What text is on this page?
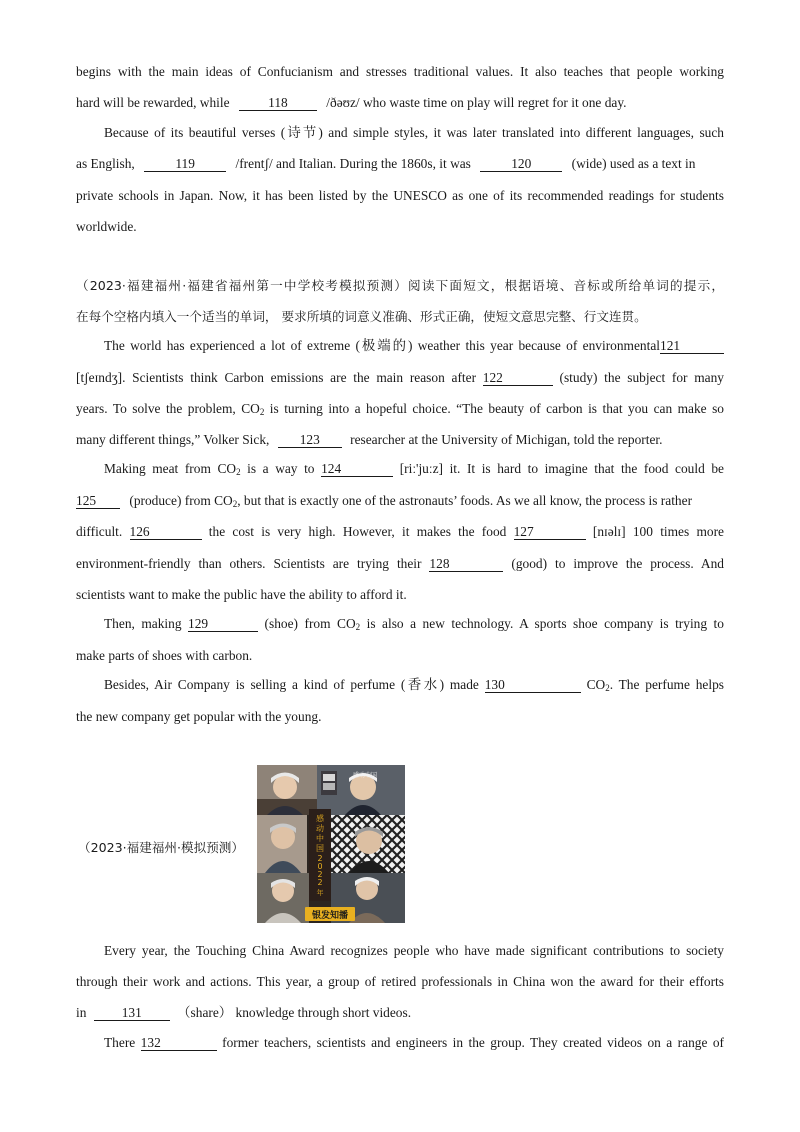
begins with the main ideas of Confucianism and stresses traditional values. It also teaches that people working
hard will be rewarded, while	118	/ðəʊz/ who waste time on play will regret for it one day.
Because of its beautiful verses (诗节) and simple styles, it was later translated into different languages, such
as English,	119	/frentʃ/ and Italian. During the 1860s, it was	120	(wide) used as a text in
private schools in Japan. Now, it has been listed by the UNESCO as one of its recommended readings for students
worldwide.
（2023·福建福州·福建省福州第一中学校考模拟预测）阅读下面短文，根据语境、音标或所给单词的提示，
在每个空格内填入一个适当的单词， 要求所填的词意义准确、形式正确，使短文意思完整、行文连贯。
The world has experienced a lot of extreme (极端的) weather this year because of environmental121
[tʃeɪndʒ]. Scientists think Carbon emissions are the main reason after 122	(study) the subject for many
years. To solve the problem, $CO_2$ is turning into a hopeful choice. “The beauty of carbon is that you can make so
many different things,” Volker Sick, 123 researcher at the University of Michigan, told the reporter.
Making meat from $CO_2$ is a way to 124	[riː'juːz] it. It is hard to imagine that the food could be
125 (produce) from $CO_2$, but that is exactly one of the astronauts’ foods. As we all know, the process is rather
difficult. 126	the cost is very high. However, it makes the food 127	[nɪəlɪ] 100 times more
environment-friendly than others. Scientists are trying their 128	(good) to improve the process. And
scientists want to make the public have the ability to afford it.
Then, making 129	(shoe) from $CO_2$ is also a new technology. A sports shoe company is trying to
make parts of shoes with carbon.
Besides, Air Company is selling a kind of perfume (香水) made 130	$CO_2$. The perfume helps
the new company get popular with the young.
（2023·福建福州·模拟预测）
感
动
中
国
2
0
2
2
年
银发知播
感动中国
Every year, the Touching China Award recognizes people who have made significant contributions to society
through their work and actions. This year, a group of retired professionals in China won the award for their efforts
in	131	（share） knowledge through short videos.
There 132	former teachers, scientists and engineers in the group. They created videos on a range of
